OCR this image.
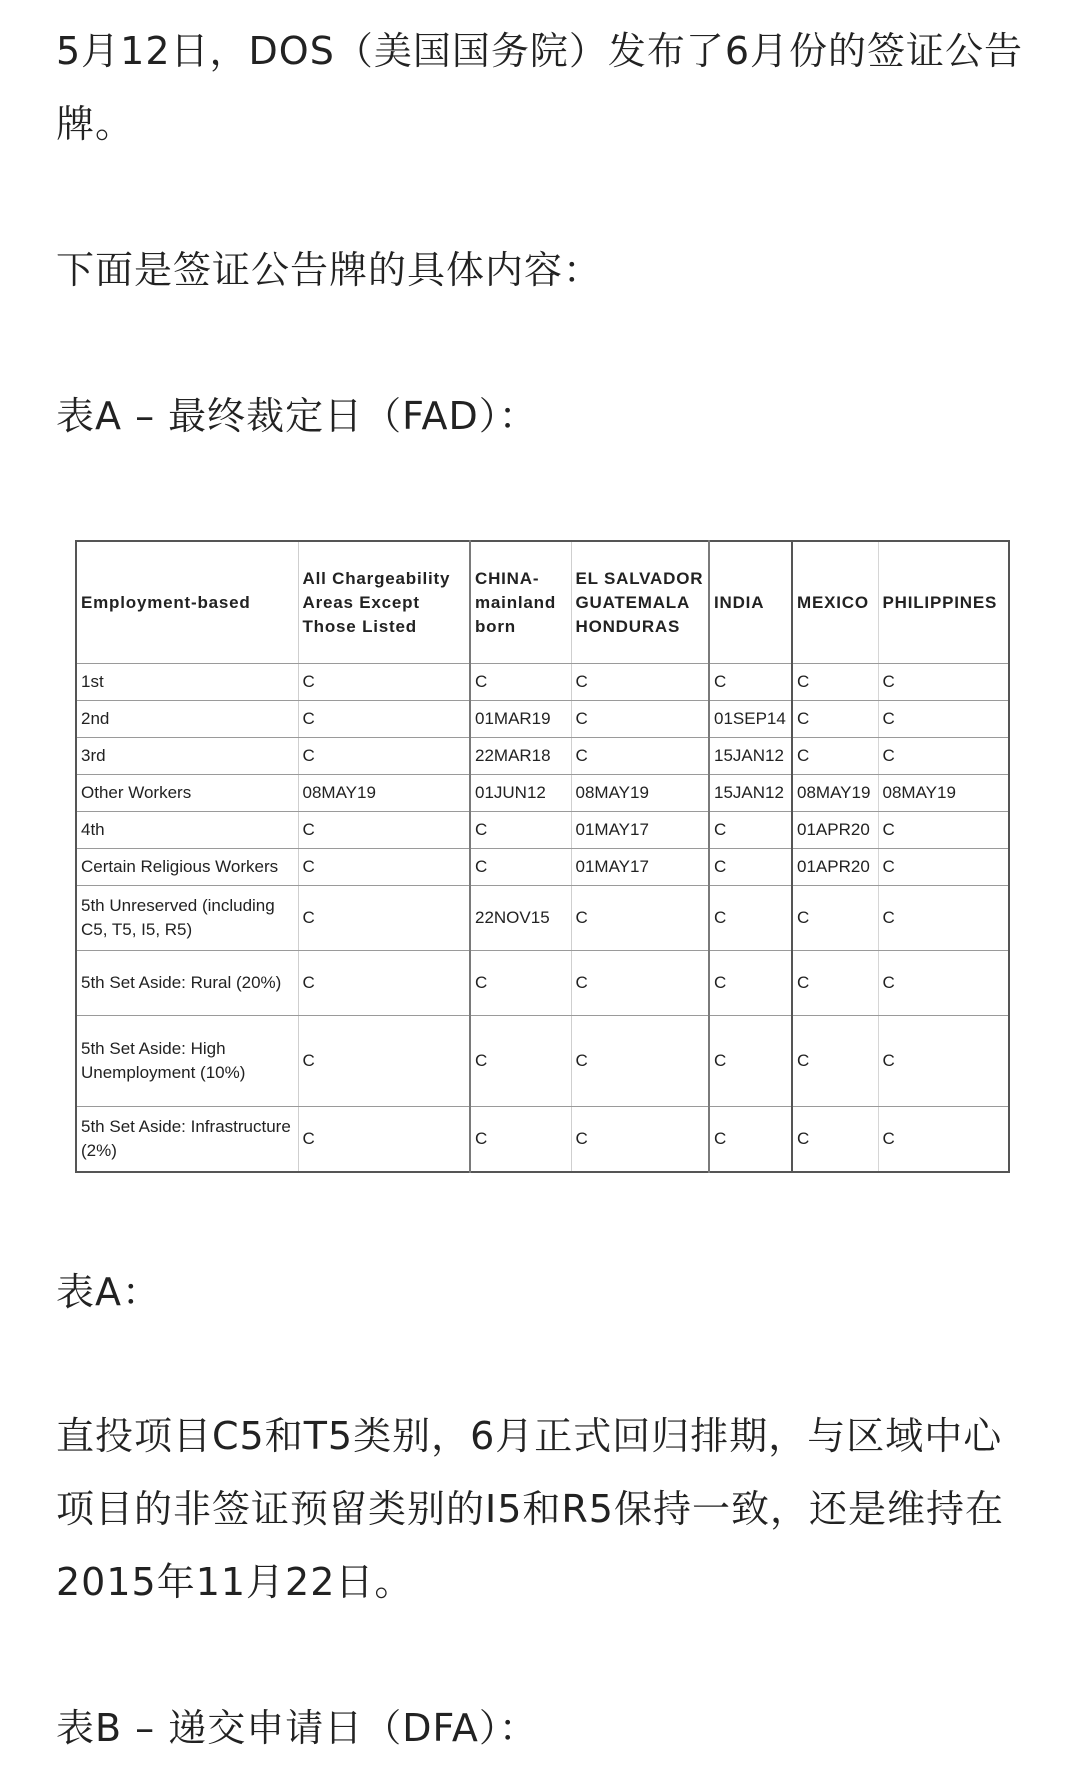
5月12日，DOS（美国国务院）发布了6月份的签证公告牌。

下面是签证公告牌的具体内容：

表A – 最终裁定日（FAD）：

Employment-based	All Chargeability Areas Except Those Listed	CHINA-mainland born	EL SALVADOR GUATEMALA HONDURAS	INDIA	MEXICO	PHILIPPINES
1st	C	C	C	C	C	C
2nd	C	01MAR19	C	01SEP14	C	C
3rd	C	22MAR18	C	15JAN12	C	C
Other Workers	08MAY19	01JUN12	08MAY19	15JAN12	08MAY19	08MAY19
4th	C	C	01MAY17	C	01APR20	C
Certain Religious Workers	C	C	01MAY17	C	01APR20	C
5th Unreserved (including C5, T5, I5, R5)	C	22NOV15	C	C	C	C
5th Set Aside: Rural (20%)	C	C	C	C	C	C
5th Set Aside: High Unemployment (10%)	C	C	C	C	C	C
5th Set Aside: Infrastructure (2%)	C	C	C	C	C	C

表A：

直投项目C5和T5类别，6月正式回归排期，与区域中心项目的非签证预留类别的I5和R5保持一致，还是维持在2015年11月22日。

表B – 递交申请日（DFA）：
